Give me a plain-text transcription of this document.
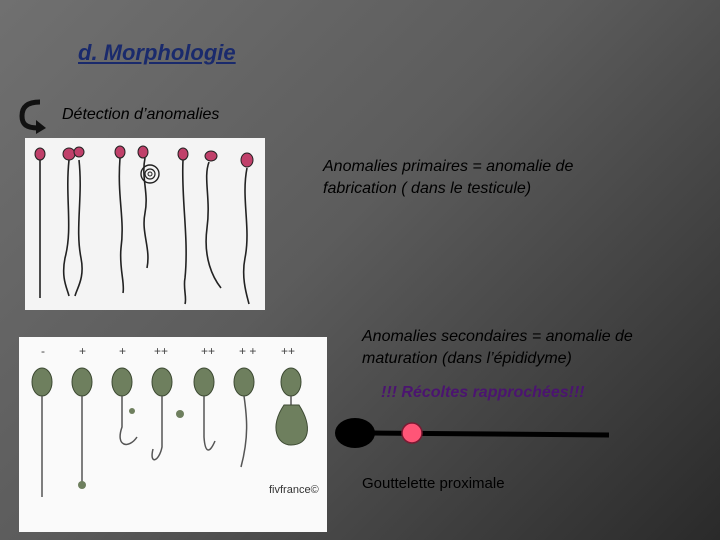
d. Morphologie
Détection d’anomalies
Anomalies primaires = anomalie de fabrication ( dans le testicule)
-	+	+ ++	++ + + ++
fivfrance©
Anomalies secondaires = anomalie de maturation (dans l’épididyme)
!!! Récoltes rapprochées!!!
Gouttelette proximale
